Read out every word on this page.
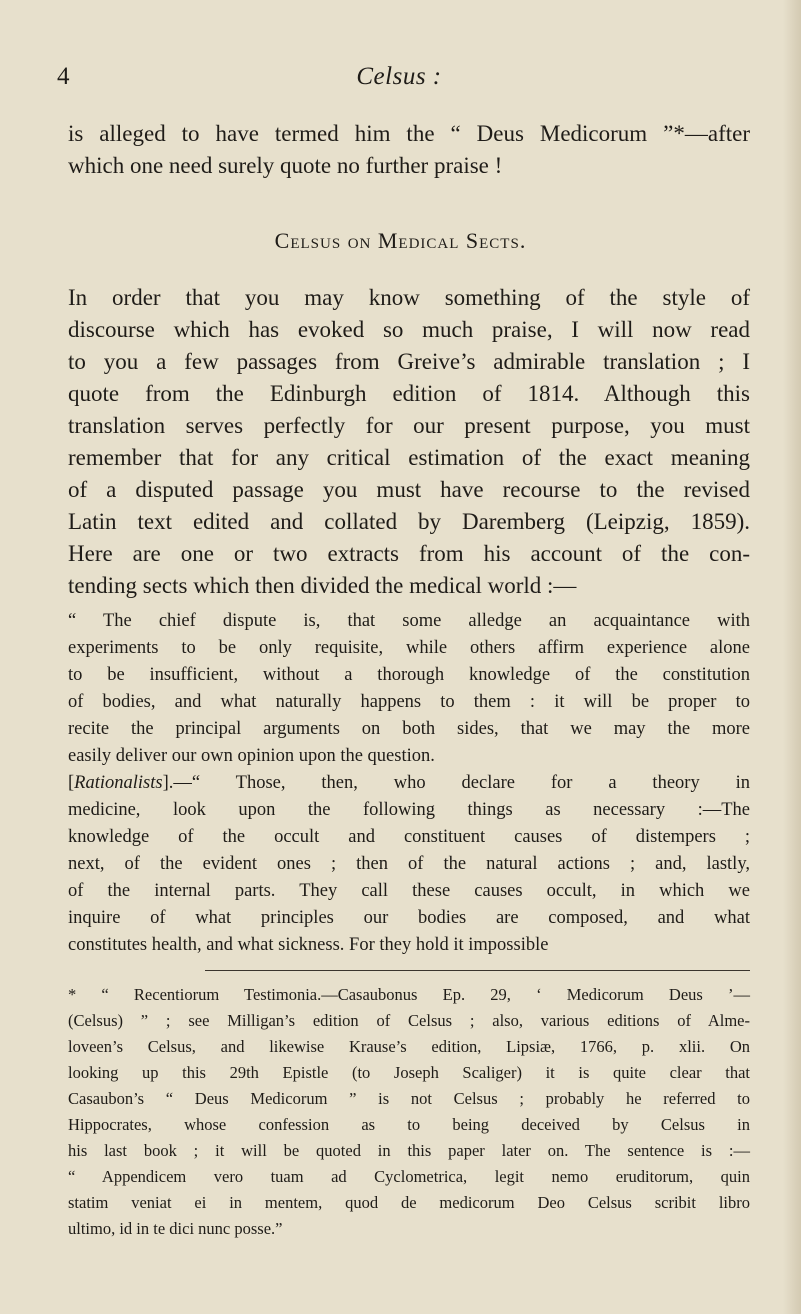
4	Celsus :
is alleged to have termed him the “ Deus Medicorum ”*—after
which one need surely quote no further praise !
Celsus on Medical Sects.
In order that you may know something of the style of
discourse which has evoked so much praise, I will now read
to you a few passages from Greive’s admirable translation ; I
quote from the Edinburgh edition of 1814. Although this
translation serves perfectly for our present purpose, you must
remember that for any critical estimation of the exact meaning
of a disputed passage you must have recourse to the revised
Latin text edited and collated by Daremberg (Leipzig, 1859).
Here are one or two extracts from his account of the con-
tending sects which then divided the medical world :—
“ The chief dispute is, that some alledge an acquaintance with
experiments to be only requisite, while others affirm experience alone
to be insufficient, without a thorough knowledge of the constitution
of bodies, and what naturally happens to them : it will be proper to
recite the principal arguments on both sides, that we may the more
easily deliver our own opinion upon the question.
[Rationalists].—“ Those, then, who declare for a theory in
medicine, look upon the following things as necessary :—The
knowledge of the occult and constituent causes of distempers ;
next, of the evident ones ; then of the natural actions ; and, lastly,
of the internal parts. They call these causes occult, in which we
inquire of what principles our bodies are composed, and what
constitutes health, and what sickness. For they hold it impossible
* “ Recentiorum Testimonia.—Casaubonus Ep. 29, ‘ Medicorum Deus ’—
(Celsus) ” ; see Milligan’s edition of Celsus ; also, various editions of Alme-
loveen’s Celsus, and likewise Krause’s edition, Lipsiæ, 1766, p. xlii. On
looking up this 29th Epistle (to Joseph Scaliger) it is quite clear that
Casaubon’s “ Deus Medicorum ” is not Celsus ; probably he referred to
Hippocrates, whose confession as to being deceived by Celsus in
his last book ; it will be quoted in this paper later on. The sentence is :—
“ Appendicem vero tuam ad Cyclometrica, legit nemo eruditorum, quin
statim veniat ei in mentem, quod de medicorum Deo Celsus scribit libro
ultimo, id in te dici nunc posse.”
